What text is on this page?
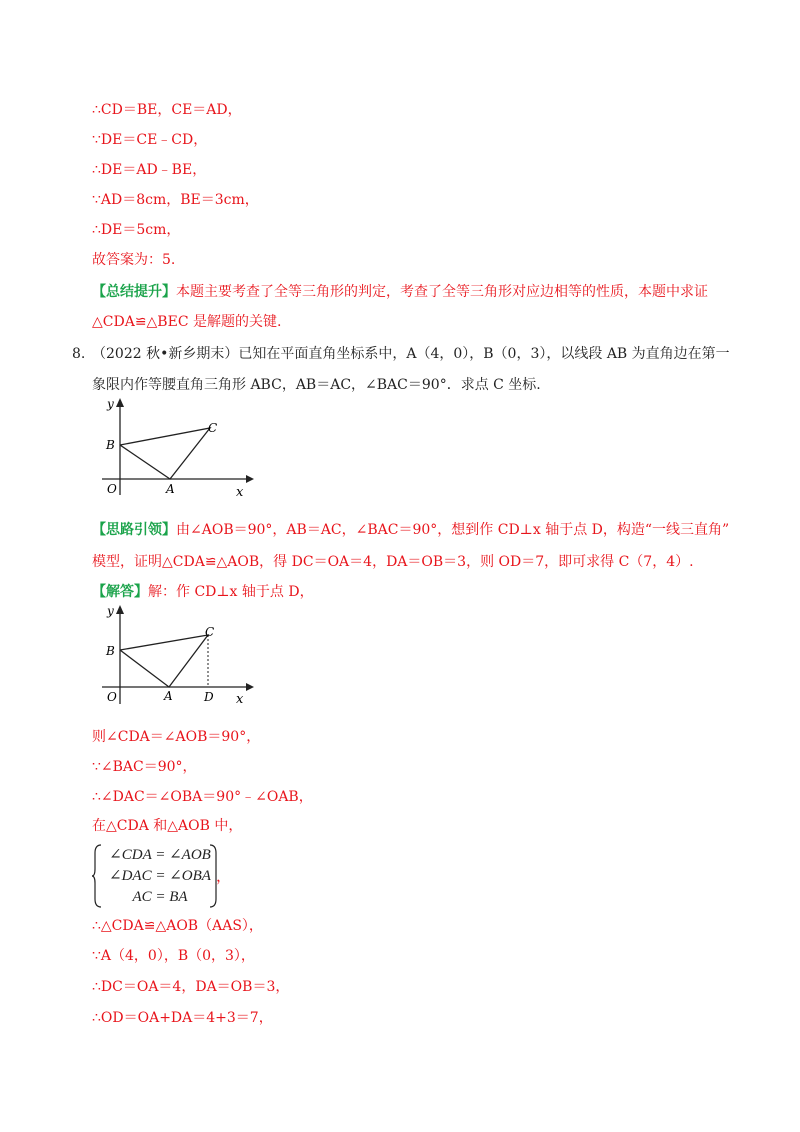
∴CD＝BE，CE＝AD，
∵DE＝CE﹣CD，
∴DE＝AD﹣BE，
∵AD＝8cm，BE＝3cm，
∴DE＝5cm，
故答案为：5.
【总结提升】本题主要考查了全等三角形的判定，考查了全等三角形对应边相等的性质，本题中求证
△CDA≌△BEC 是解题的关键.
8. （2022 秋•新乡期末）已知在平面直角坐标系中，A（4，0），B（0，3），以线段 AB 为直角边在第一
象限内作等腰直角三角形 ABC，AB＝AC，∠BAC＝90°．求点 C 坐标.
y
x
O	A
B
C
【思路引领】由∠AOB＝90°，AB＝AC，∠BAC＝90°，想到作 CD⊥x 轴于点 D，构造“一线三直角”
模型，证明△CDA≌△AOB，得 DC＝OA＝4，DA＝OB＝3，则 OD＝7，即可求得 C（7，4）.
【解答】解：作 CD⊥x 轴于点 D，
y
x
O	A
B
C
D
则∠CDA＝∠AOB＝90°，
∵∠BAC＝90°，
∴∠DAC＝∠OBA＝90°﹣∠OAB，
在△CDA 和△AOB 中，
∠CDA = ∠AOB
∠DAC = ∠OBA
AC = BA
，
∴△CDA≌△AOB（AAS），
∵A（4，0），B（0，3），
∴DC＝OA＝4，DA＝OB＝3，
∴OD＝OA+DA＝4+3＝7，
